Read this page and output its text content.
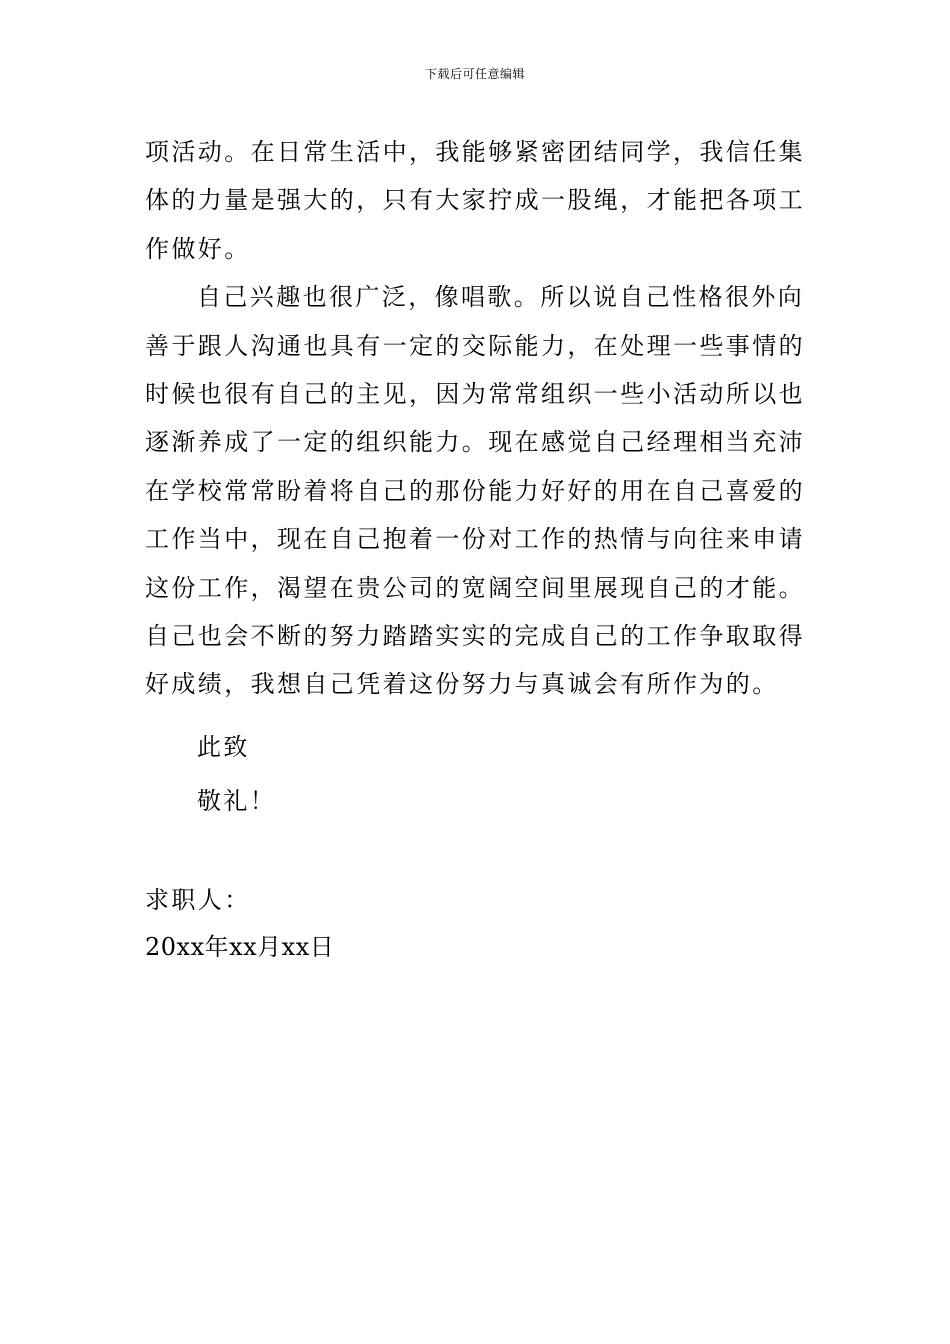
下载后可任意编辑
项活动。在日常生活中，我能够紧密团结同学，我信任集
体的力量是强大的，只有大家拧成一股绳，才能把各项工
作做好。
自己兴趣也很广泛，像唱歌。所以说自己性格很外向
善于跟人沟通也具有一定的交际能力，在处理一些事情的
时候也很有自己的主见，因为常常组织一些小活动所以也
逐渐养成了一定的组织能力。现在感觉自己经理相当充沛
在学校常常盼着将自己的那份能力好好的用在自己喜爱的
工作当中，现在自己抱着一份对工作的热情与向往来申请
这份工作，渴望在贵公司的宽阔空间里展现自己的才能。
自己也会不断的努力踏踏实实的完成自己的工作争取取得
好成绩，我想自己凭着这份努力与真诚会有所作为的。
此致
敬礼！
求职人：
20xx年xx月xx日
